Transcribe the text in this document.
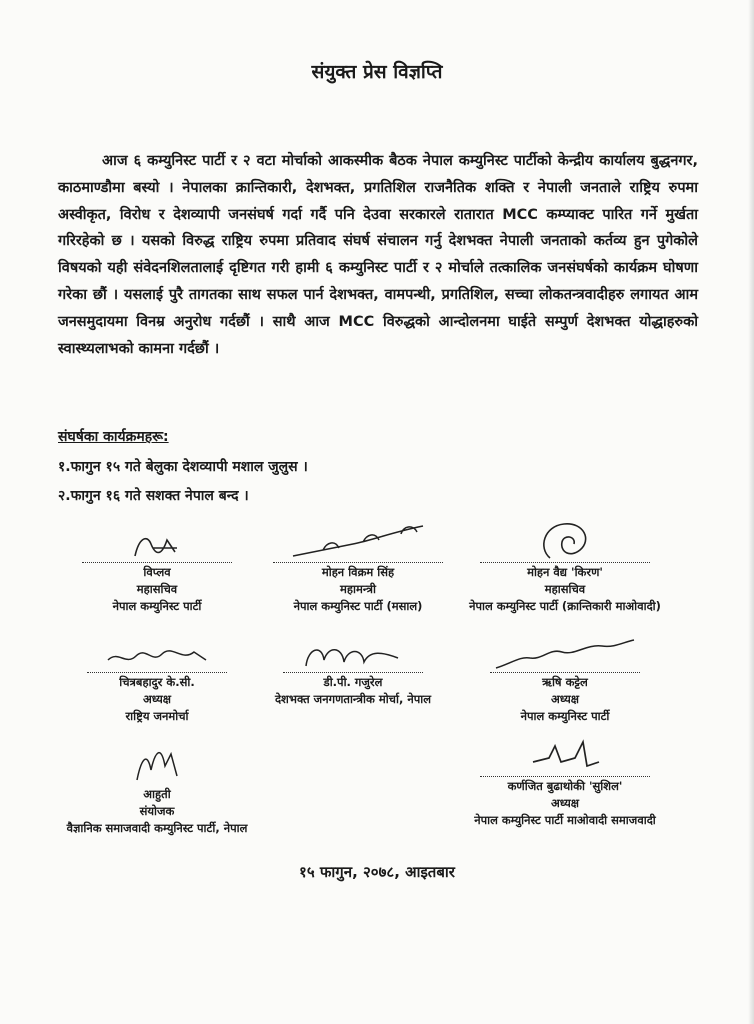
संयुक्त प्रेस विज्ञप्ति

आज ६ कम्युनिस्ट पार्टी र २ वटा मोर्चाको आकस्मीक बैठक नेपाल कम्युनिस्ट पार्टीको केन्द्रीय कार्यालय बुद्धनगर, काठमाण्डौमा बस्यो । नेपालका क्रान्तिकारी, देशभक्त, प्रगतिशिल राजनैतिक शक्ति र नेपाली जनताले राष्ट्रिय रुपमा अस्वीकृत, विरोध र देशव्यापी जनसंघर्ष गर्दा गर्दै पनि देउवा सरकारले रातारात MCC कम्प्याक्ट पारित गर्ने मुर्खता गरिरहेको छ । यसको विरुद्ध राष्ट्रिय रुपमा प्रतिवाद संघर्ष संचालन गर्नु देशभक्त नेपाली जनताको कर्तव्य हुन पुगेकोले विषयको यही संवेदनशिलतालाई दृष्टिगत गरी हामी ६ कम्युनिस्ट पार्टी र २ मोर्चाले तत्कालिक जनसंघर्षको कार्यक्रम घोषणा गरेका छौं । यसलाई पुरै तागतका साथ सफल पार्न देशभक्त, वामपन्थी, प्रगतिशिल, सच्चा लोकतन्त्रवादीहरु लगायत आम जनसमुदायमा विनम्र अनुरोध गर्दछौं । साथै आज MCC विरुद्धको आन्दोलनमा घाईते सम्पुर्ण देशभक्त योद्धाहरुको स्वास्थ्यलाभको कामना गर्दछौं ।

संघर्षका कार्यक्रमहरू:
१.फागुन १५ गते बेलुका देशव्यापी मशाल जुलुस ।
२.फागुन १६ गते सशक्त नेपाल बन्द ।
विप्लव
महासचिव
नेपाल कम्युनिस्ट पार्टी
मोहन विक्रम सिंह
महामन्त्री
नेपाल कम्युनिस्ट पार्टी (मसाल)
मोहन वैद्य 'किरण'
महासचिव
नेपाल कम्युनिस्ट पार्टी (क्रान्तिकारी माओवादी)
चित्रबहादुर के.सी.
अध्यक्ष
राष्ट्रिय जनमोर्चा
डी.पी. गजुरेल
देशभक्त जनगणतान्त्रीक मोर्चा, नेपाल
ऋषि कट्टेल
अध्यक्ष
नेपाल कम्युनिस्ट पार्टी
आहुती
संयोजक
वैज्ञानिक समाजवादी कम्युनिस्ट पार्टी, नेपाल
कर्णजित बुढाथोकी 'सुशिल'
अध्यक्ष
नेपाल कम्युनिस्ट पार्टी माओवादी समाजवादी
१५ फागुन, २०७८, आइतबार
